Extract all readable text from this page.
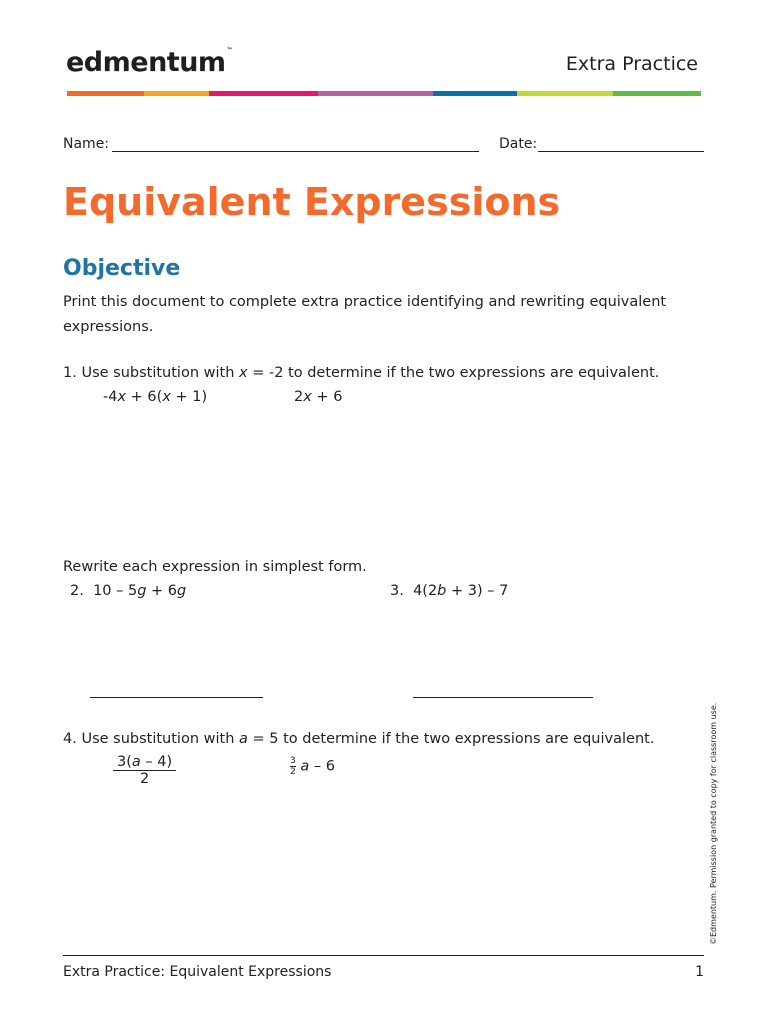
edmentum™
Extra Practice
Name:	Date:
Equivalent Expressions
Objective
Print this document to complete extra practice identifying and rewriting equivalent expressions.
1. Use substitution with x = -2 to determine if the two expressions are equivalent.
-4x + 6(x + 1)	2x + 6
Rewrite each expression in simplest form.
2. 10 – 5g + 6g	3. 4(2b + 3) – 7
4. Use substitution with a = 5 to determine if the two expressions are equivalent.
$\frac{3(a - 4)}{2}$	$\frac{3}{2}$ a – 6	©Edmentum. Permission granted to copy for classroom use.
Extra Practice: Equivalent Expressions	1
